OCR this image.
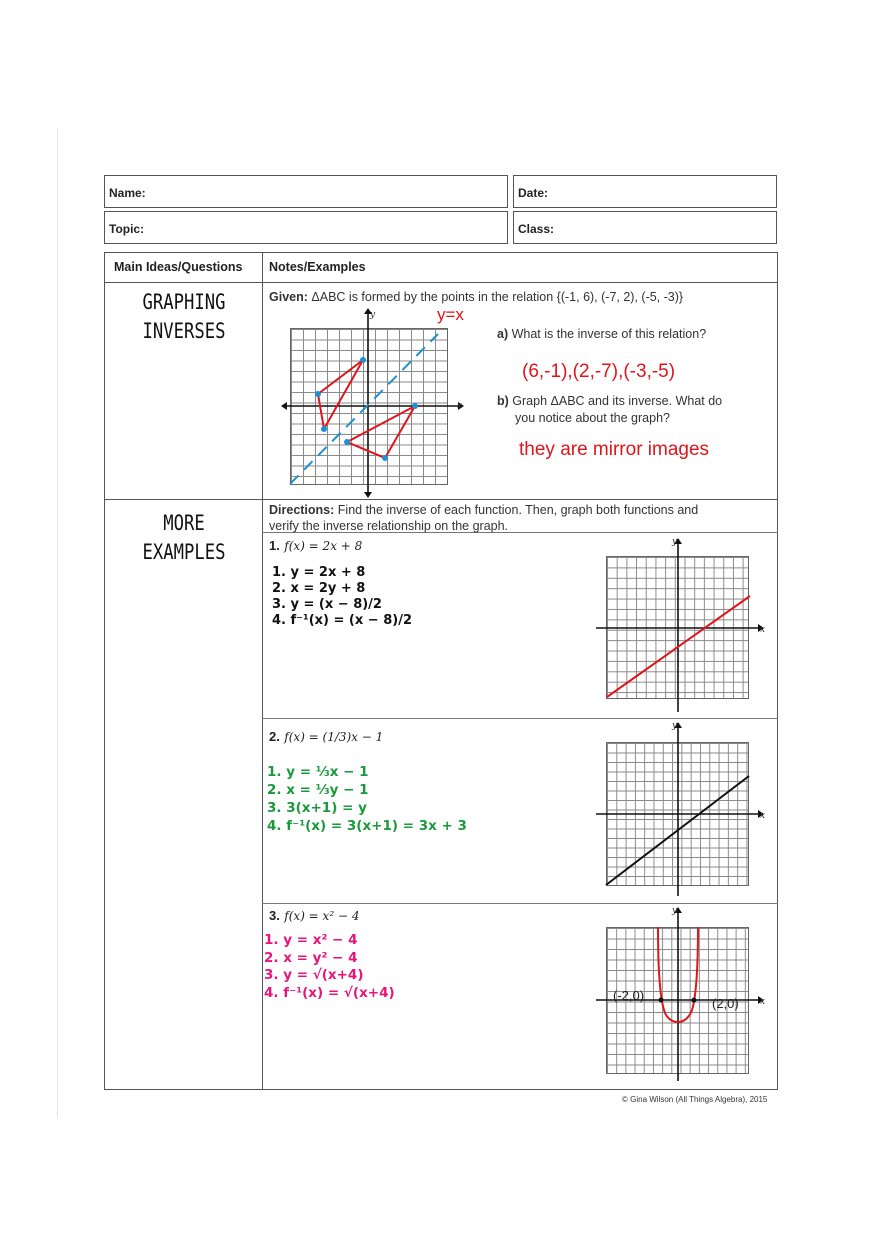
Name:	Date:
Topic:	Class:
Main Ideas/Questions Notes/Examples
GRAPHING
INVERSES
Given: ΔABC is formed by the points in the relation {(-1, 6), (-7, 2), (-5, -3)}
y=x
a) What is the inverse of this relation?
(6,-1),(2,-7),(-3,-5)
b) Graph ΔABC and its inverse. What do
you notice about the graph?
they are mirror images
x
y
MORE
EXAMPLES
Directions: Find the inverse of each function. Then, graph both functions and
verify the inverse relationship on the graph.
1. f(x) = 2x + 8
1. y = 2x + 8
2. x = 2y + 8
3. y = (x − 8)/2
4. f⁻¹(x) = (x − 8)/2
x
y
2. f(x) = (1/3)x − 1
1. y = ⅓x − 1
2. x = ⅓y − 1
3. 3(x+1) = y
4. f⁻¹(x) = 3(x+1) = 3x + 3
x
y
3. f(x) = x² − 4
1. y = x² − 4
2. x = y² − 4
3. y = √(x+4)
4. f⁻¹(x) = √(x+4)
x
y
(-2,0)
(2,0)
© Gina Wilson (All Things Algebra), 2015
